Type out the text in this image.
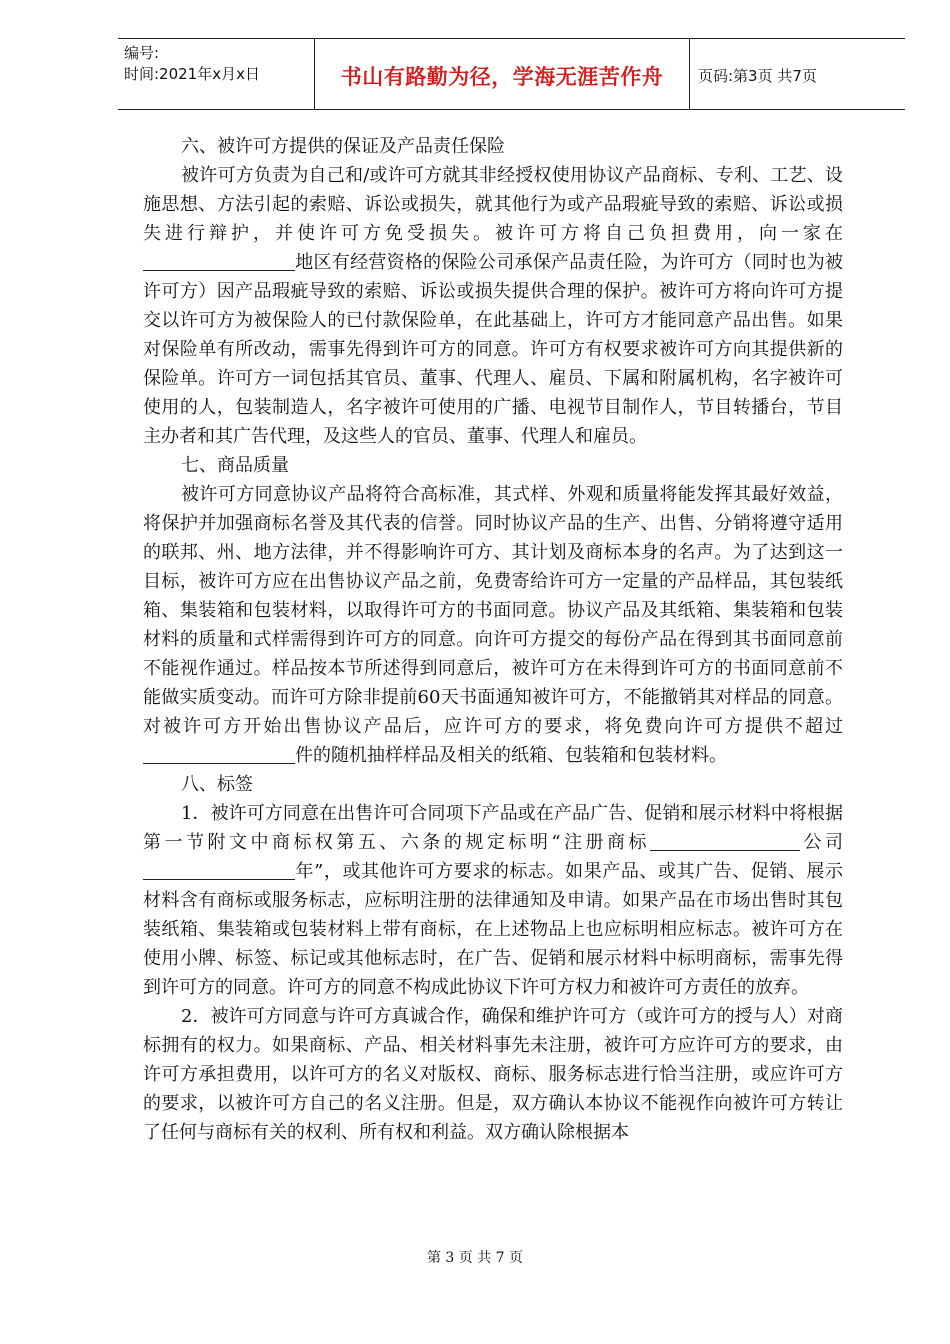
编号:
时间:2021年x月x日	书山有路勤为径，学海无涯苦作舟	页码:第3页 共7页

六、被许可方提供的保证及产品责任保险

被许可方负责为自己和/或许可方就其非经授权使用协议产品商标、专利、工艺、设施思想、方法引起的索赔、诉讼或损失，就其他行为或产品瑕疵导致的索赔、诉讼或损失进行辩护，并使许可方免受损失。被许可方将自己负担费用，向一家在地区有经营资格的保险公司承保产品责任险，为许可方（同时也为被许可方）因产品瑕疵导致的索赔、诉讼或损失提供合理的保护。被许可方将向许可方提交以许可方为被保险人的已付款保险单，在此基础上，许可方才能同意产品出售。如果对保险单有所改动，需事先得到许可方的同意。许可方有权要求被许可方向其提供新的保险单。许可方一词包括其官员、董事、代理人、雇员、下属和附属机构，名字被许可使用的人，包装制造人，名字被许可使用的广播、电视节目制作人，节目转播台，节目主办者和其广告代理，及这些人的官员、董事、代理人和雇员。

七、商品质量

被许可方同意协议产品将符合高标准，其式样、外观和质量将能发挥其最好效益，将保护并加强商标名誉及其代表的信誉。同时协议产品的生产、出售、分销将遵守适用的联邦、州、地方法律，并不得影响许可方、其计划及商标本身的名声。为了达到这一目标，被许可方应在出售协议产品之前，免费寄给许可方一定量的产品样品，其包装纸箱、集装箱和包装材料，以取得许可方的书面同意。协议产品及其纸箱、集装箱和包装材料的质量和式样需得到许可方的同意。向许可方提交的每份产品在得到其书面同意前不能视作通过。样品按本节所述得到同意后，被许可方在未得到许可方的书面同意前不能做实质变动。而许可方除非提前60天书面通知被许可方，不能撤销其对样品的同意。对被许可方开始出售协议产品后，应许可方的要求，将免费向许可方提供不超过件的随机抽样样品及相关的纸箱、包装箱和包装材料。

八、标签

1．被许可方同意在出售许可合同项下产品或在产品广告、促销和展示材料中将根据第一节附文中商标权第五、六条的规定标明“注册商标	公司年”，或其他许可方要求的标志。如果产品、或其广告、促销、展示材料含有商标或服务标志，应标明注册的法律通知及申请。如果产品在市场出售时其包装纸箱、集装箱或包装材料上带有商标，在上述物品上也应标明相应标志。被许可方在使用小牌、标签、标记或其他标志时，在广告、促销和展示材料中标明商标，需事先得到许可方的同意。许可方的同意不构成此协议下许可方权力和被许可方责任的放弃。

2．被许可方同意与许可方真诚合作，确保和维护许可方（或许可方的授与人）对商标拥有的权力。如果商标、产品、相关材料事先未注册，被许可方应许可方的要求，由许可方承担费用，以许可方的名义对版权、商标、服务标志进行恰当注册，或应许可方的要求，以被许可方自己的名义注册。但是，双方确认本协议不能视作向被许可方转让了任何与商标有关的权利、所有权和利益。双方确认除根据本

第 3 页 共 7 页
